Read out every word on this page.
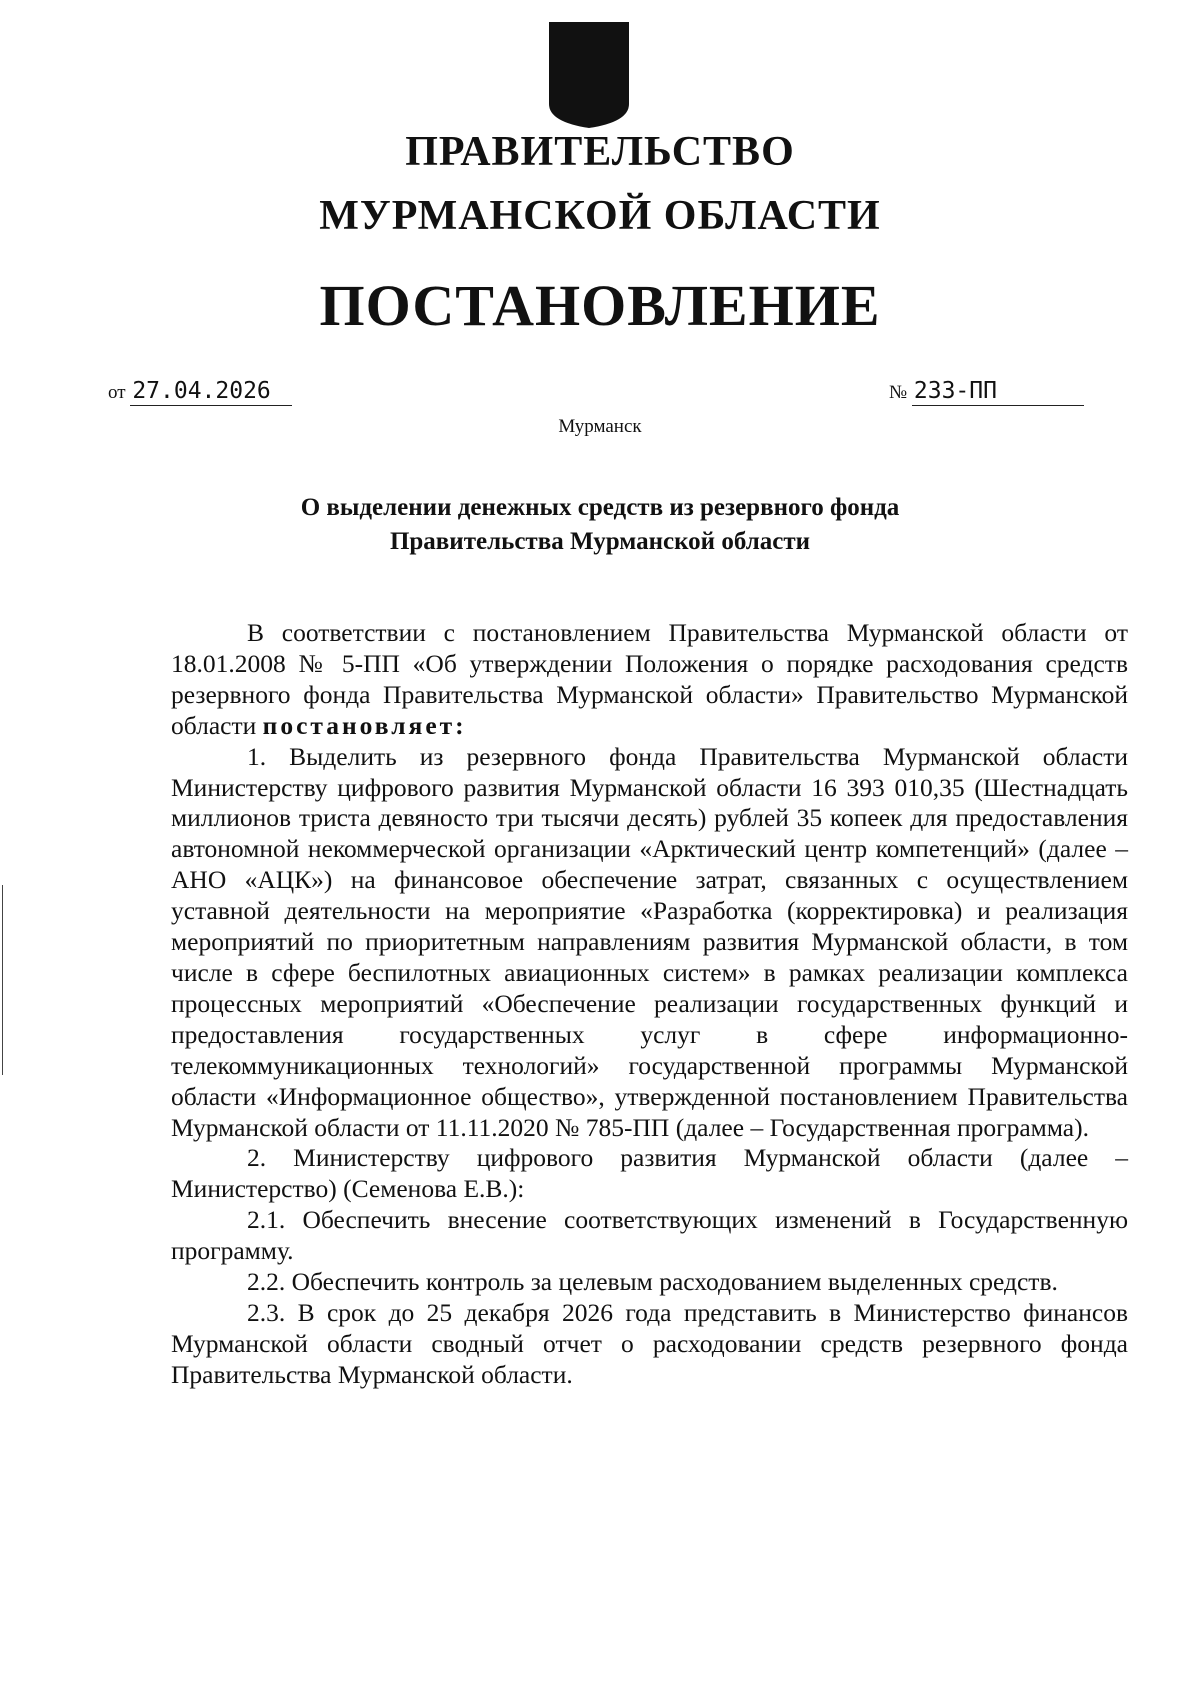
ПРАВИТЕЛЬСТВО
МУРМАНСКОЙ ОБЛАСТИ
ПОСТАНОВЛЕНИЕ
от 27.04.2026	№ 233-ПП
Мурманск
О выделении денежных средств из резервного фонда
Правительства Мурманской области

В соответствии с постановлением Правительства Мурманской области от 18.01.2008 № 5-ПП «Об утверждении Положения о порядке расходования средств резервного фонда Правительства Мурманской области» Правительство Мурманской области постановляет:

1. Выделить из резервного фонда Правительства Мурманской области Министерству цифрового развития Мурманской области 16 393 010,35 (Шестнадцать миллионов триста девяносто три тысячи десять) рублей 35 копеек для предоставления автономной некоммерческой организации «Арктический центр компетенций» (далее – АНО «АЦК») на финансовое обеспечение затрат, связанных с осуществлением уставной деятельности на мероприятие «Разработка (корректировка) и реализация мероприятий по приоритетным направлениям развития Мурманской области, в том числе в сфере беспилотных авиационных систем» в рамках реализации комплекса процессных мероприятий «Обеспечение реализации государственных функций и предоставления государственных услуг в сфере информационно-телекоммуникационных технологий» государственной программы Мурманской области «Информационное общество», утвержденной постановлением Правительства Мурманской области от 11.11.2020 № 785-ПП (далее – Государственная программа).

2. Министерству цифрового развития Мурманской области (далее – Министерство) (Семенова Е.В.):

2.1. Обеспечить внесение соответствующих изменений в Государственную программу.

2.2. Обеспечить контроль за целевым расходованием выделенных средств.

2.3. В срок до 25 декабря 2026 года представить в Министерство финансов Мурманской области сводный отчет о расходовании средств резервного фонда Правительства Мурманской области.
